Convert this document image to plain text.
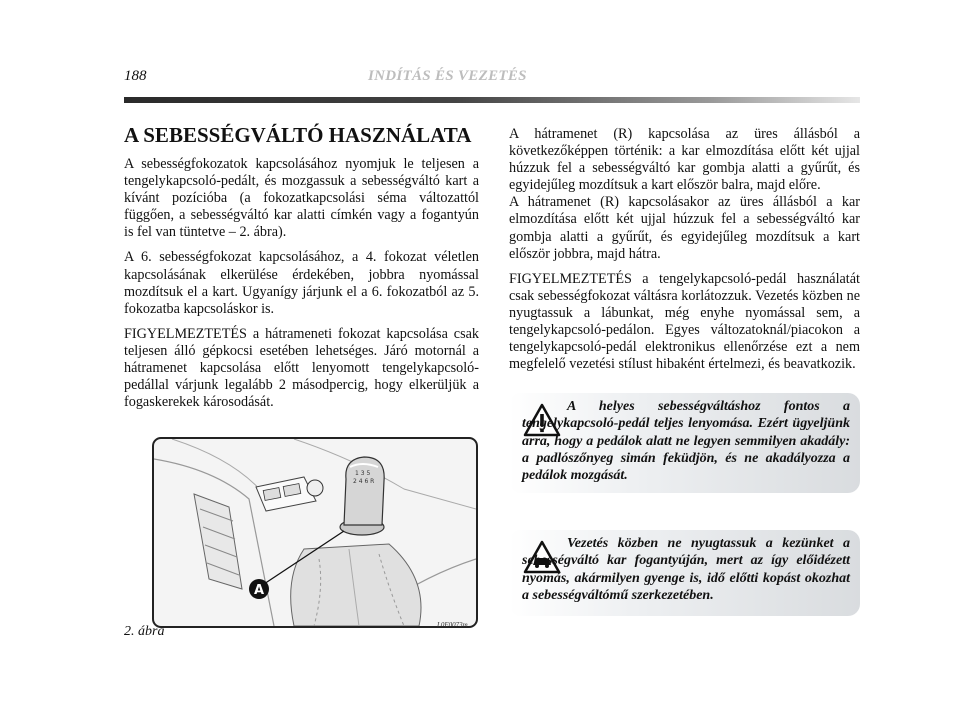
188	INDÍTÁS ÉS VEZETÉS
A SEBESSÉGVÁLTÓ HASZNÁLATA

A sebességfokozatok kapcsolásához nyomjuk le teljesen a tengelykapcsoló-pedált, és mozgassuk a sebességváltó kart a kívánt pozícióba (a fokozatkapcsolási séma változattól függően, a sebességváltó kar alatti címkén vagy a fogantyún is fel van tüntetve – 2. ábra).

A 6. sebességfokozat kapcsolásához, a 4. fokozat véletlen kapcsolásának elkerülése érdekében, jobbra nyomással mozdítsuk el a kart. Ugyanígy járjunk el a 6. fokozatból az 5. fokozatba kapcsoláskor is.

FIGYELMEZTETÉS a hátrameneti fokozat kapcsolása csak teljesen álló gépkocsi esetében lehetséges. Járó motornál a hátramenet kapcsolása előtt lenyomott tengelykapcsoló-pedállal várjunk legalább 2 másodpercig, hogy elkerüljük a fogaskerekek károsodását.

A hátramenet (R) kapcsolása az üres állásból a következőképpen történik: a kar elmozdítása előtt két ujjal húzzuk fel a sebességváltó kar gombja alatti a gyűrűt, és egyidejűleg mozdítsuk a kart először balra, majd előre.

A hátramenet (R) kapcsolásakor az üres állásból a kar elmozdítása előtt két ujjal húzzuk fel a sebességváltó kar gombja alatti a gyűrűt, és egyidejűleg mozdítsuk a kart először jobbra, majd hátra.

FIGYELMEZTETÉS a tengelykapcsoló-pedál használatát csak sebességfokozat váltásra korlátozzuk. Vezetés közben ne nyugtassuk a lábunkat, még enyhe nyomással sem, a tengelykapcsoló-pedálon. Egyes változatoknál/piacokon a tengelykapcsoló-pedál elektronikus ellenőrzése ezt a nem megfelelő vezetési stílust hibaként értelmezi, és beavatkozik.

1 3 5
2 4 6 R
A
2. ábra	L0E0073m
A helyes sebességváltáshoz fontos a tengelykapcsoló-pedál teljes lenyomása. Ezért ügyeljünk arra, hogy a pedálok alatt ne legyen semmilyen akadály: a padlószőnyeg simán feküdjön, és ne akadályozza a pedálok mozgását.
Vezetés közben ne nyugtassuk a kezünket a sebességváltó kar fogantyúján, mert az így előidézett nyomás, akármilyen gyenge is, idő előtti kopást okozhat a sebességváltómű szerkezetében.
